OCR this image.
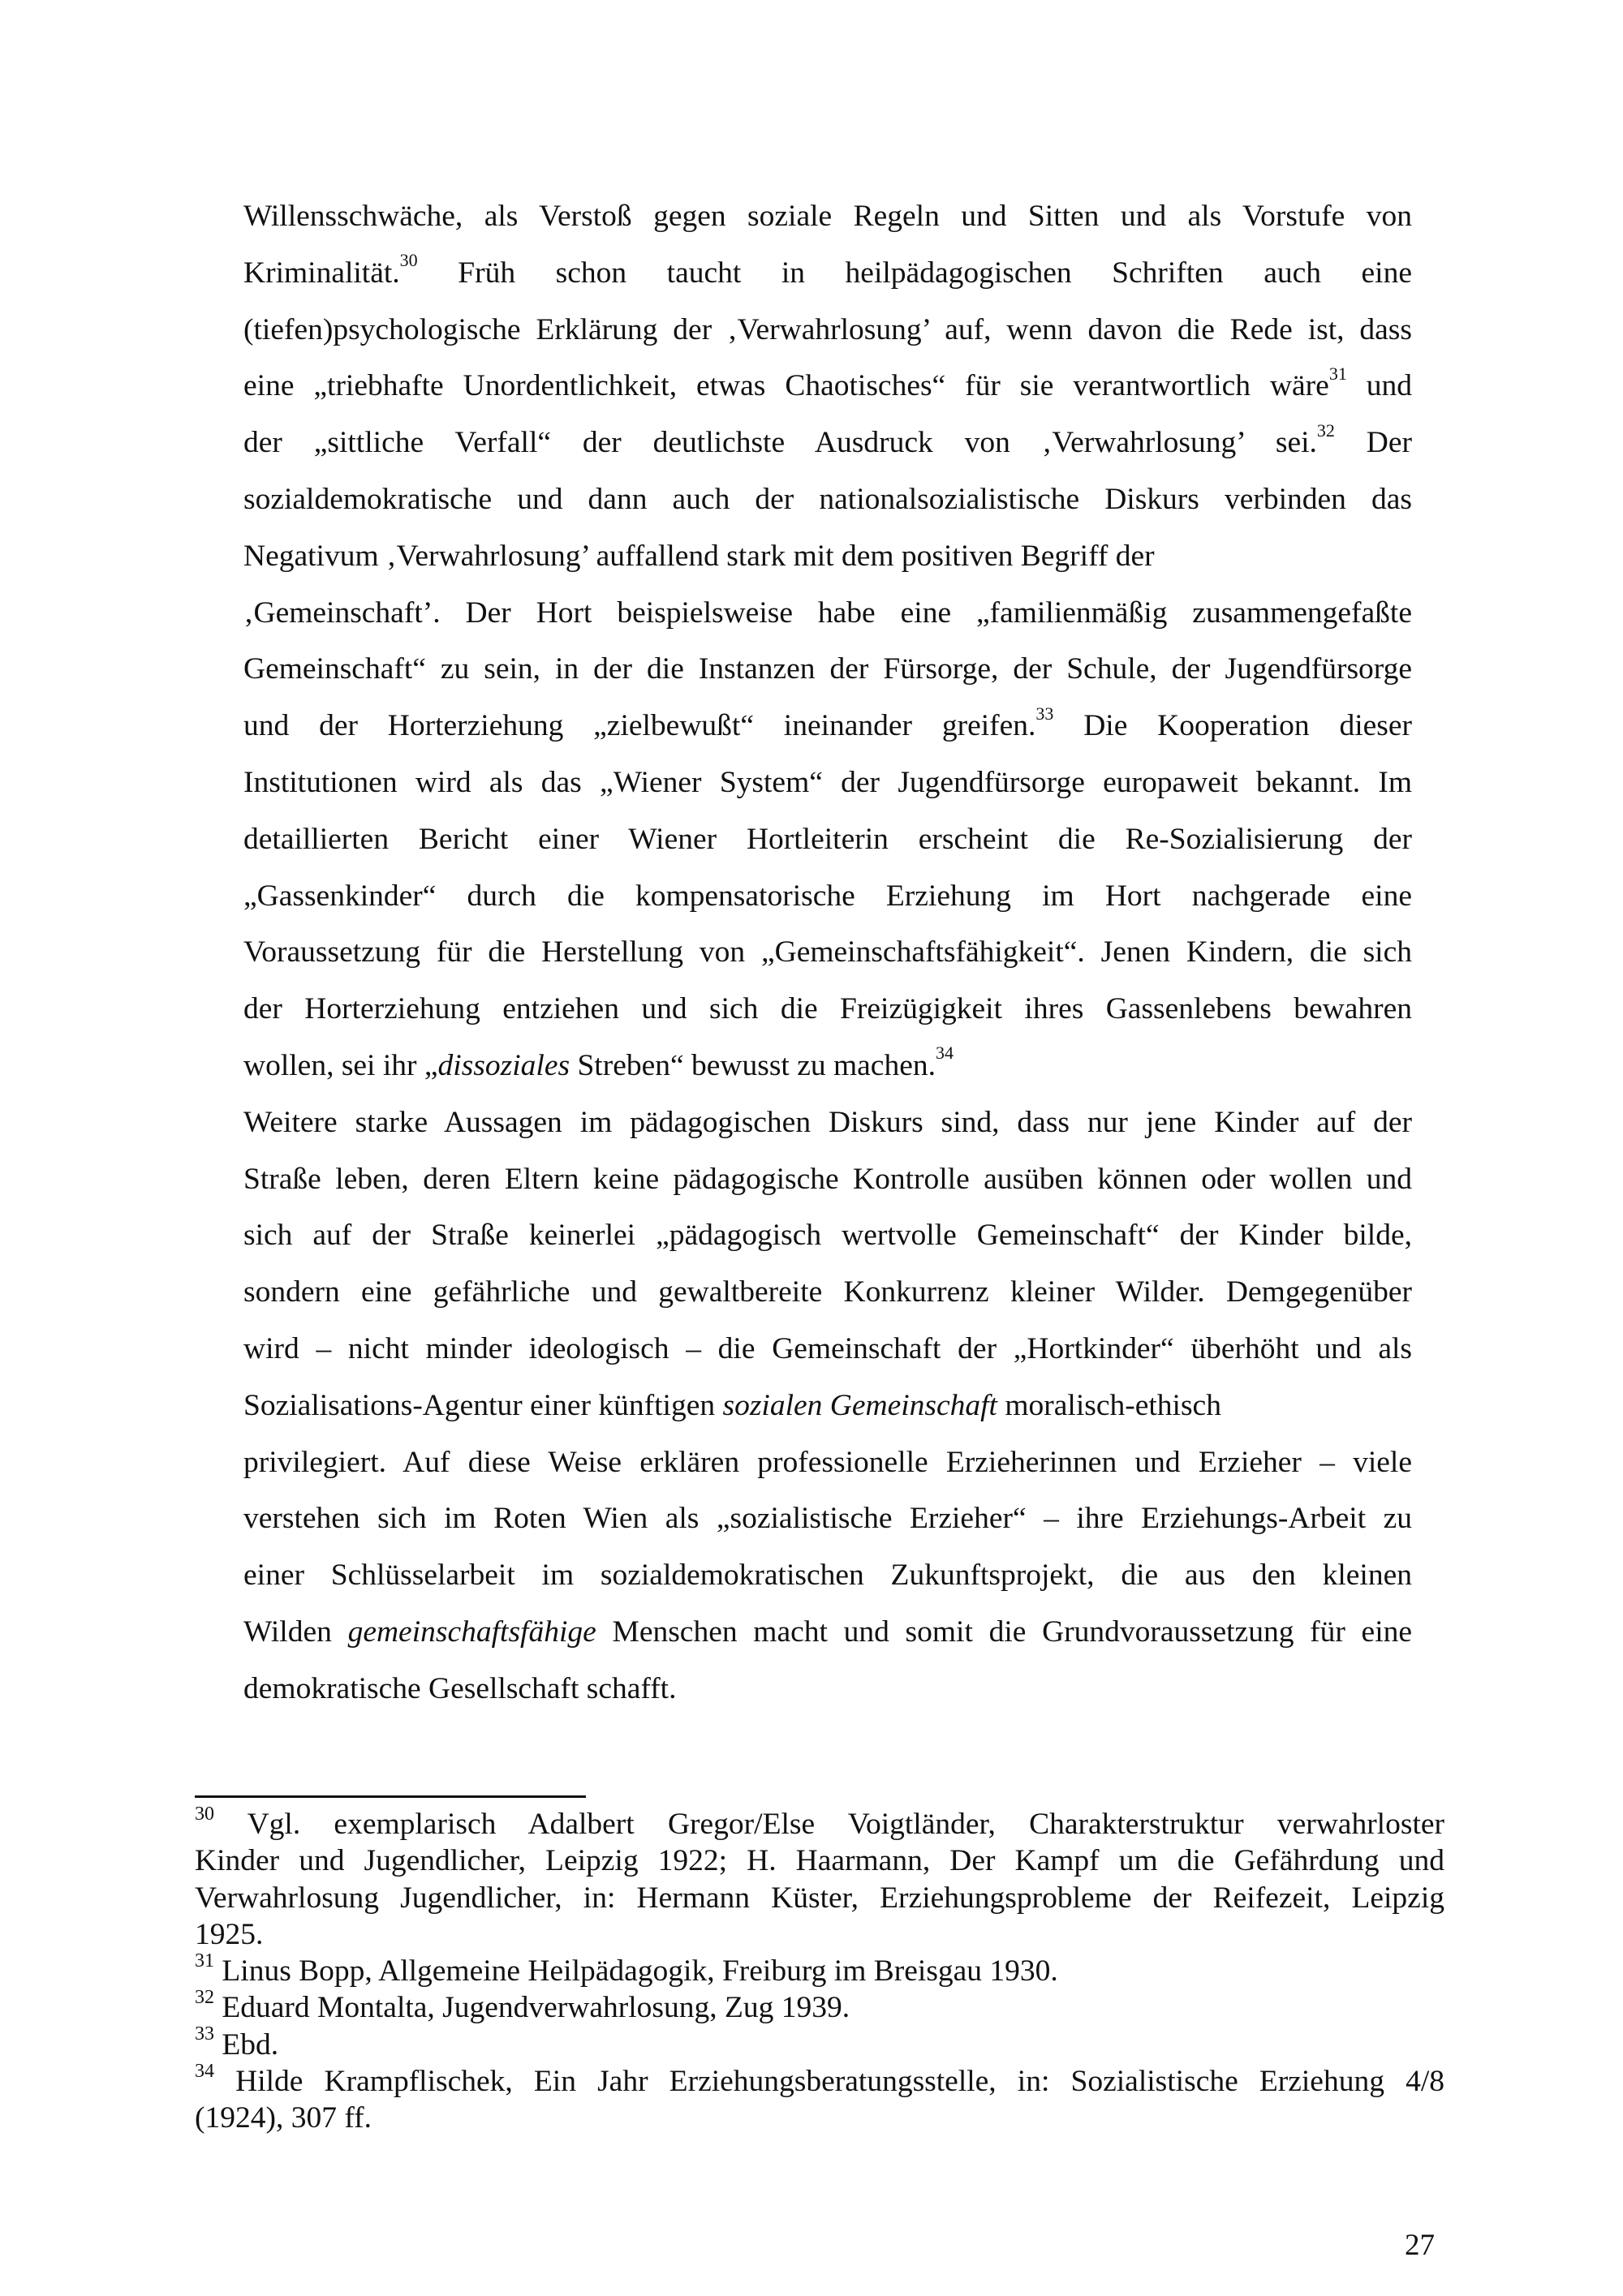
Willensschwäche, als Verstoß gegen soziale Regeln und Sitten und als Vorstufe von
Kriminalität.$^{30}$ Früh schon taucht in heilpädagogischen Schriften auch eine
(tiefen)psychologische Erklärung der ‚Verwahrlosung’ auf, wenn davon die Rede ist, dass
eine „triebhafte Unordentlichkeit, etwas Chaotisches“ für sie verantwortlich wäre$^{31}$ und
der „sittliche Verfall“ der deutlichste Ausdruck von ‚Verwahrlosung’ sei.$^{32}$ Der
sozialdemokratische und dann auch der nationalsozialistische Diskurs verbinden das
Negativum ‚Verwahrlosung’ auffallend stark mit dem positiven Begriff der
‚Gemeinschaft’. Der Hort beispielsweise habe eine „familienmäßig zusammengefaßte
Gemeinschaft“ zu sein, in der die Instanzen der Fürsorge, der Schule, der Jugendfürsorge
und der Horterziehung „zielbewußt“ ineinander greifen.$^{33}$ Die Kooperation dieser
Institutionen wird als das „Wiener System“ der Jugendfürsorge europaweit bekannt. Im
detaillierten Bericht einer Wiener Hortleiterin erscheint die Re-Sozialisierung der
„Gassenkinder“ durch die kompensatorische Erziehung im Hort nachgerade eine
Voraussetzung für die Herstellung von „Gemeinschaftsfähigkeit“. Jenen Kindern, die sich
der Horterziehung entziehen und sich die Freizügigkeit ihres Gassenlebens bewahren
wollen, sei ihr „dissoziales Streben“ bewusst zu machen.$^{34}$
Weitere starke Aussagen im pädagogischen Diskurs sind, dass nur jene Kinder auf der
Straße leben, deren Eltern keine pädagogische Kontrolle ausüben können oder wollen und
sich auf der Straße keinerlei „pädagogisch wertvolle Gemeinschaft“ der Kinder bilde,
sondern eine gefährliche und gewaltbereite Konkurrenz kleiner Wilder. Demgegenüber
wird – nicht minder ideologisch – die Gemeinschaft der „Hortkinder“ überhöht und als
Sozialisations-Agentur einer künftigen sozialen Gemeinschaft moralisch-ethisch
privilegiert. Auf diese Weise erklären professionelle Erzieherinnen und Erzieher – viele
verstehen sich im Roten Wien als „sozialistische Erzieher“ – ihre Erziehungs-Arbeit zu
einer Schlüsselarbeit im sozialdemokratischen Zukunftsprojekt, die aus den kleinen
Wilden gemeinschaftsfähige Menschen macht und somit die Grundvoraussetzung für eine
demokratische Gesellschaft schafft.
$^{30}$ Vgl. exemplarisch Adalbert Gregor/Else Voigtländer, Charakterstruktur verwahrloster
Kinder und Jugendlicher, Leipzig 1922; H. Haarmann, Der Kampf um die Gefährdung und
Verwahrlosung Jugendlicher, in: Hermann Küster, Erziehungsprobleme der Reifezeit, Leipzig
1925.
$^{31}$ Linus Bopp, Allgemeine Heilpädagogik, Freiburg im Breisgau 1930.
$^{32}$ Eduard Montalta, Jugendverwahrlosung, Zug 1939.
$^{33}$ Ebd.
$^{34}$ Hilde Krampflischek, Ein Jahr Erziehungsberatungsstelle, in: Sozialistische Erziehung 4/8
(1924), 307 ff.
27
